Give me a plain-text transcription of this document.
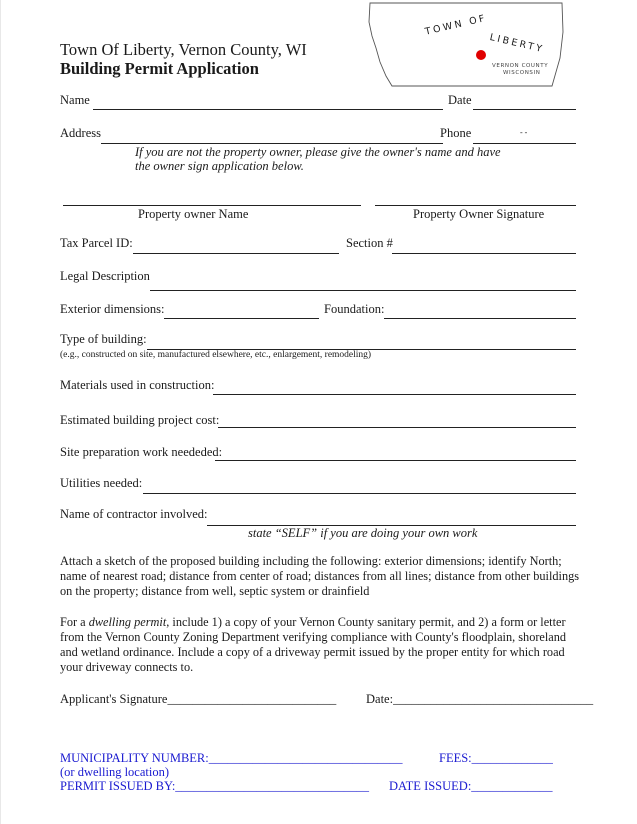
Town Of Liberty, Vernon County, WI
Building Permit Application
TOWN OF
LIBERTY
VERNON COUNTY
WISCONSIN
Name	Date
Address	Phone	- -
If you are not the property owner, please give the owner's name and have
the owner sign application below.
Property owner Name	Property Owner Signature
Tax Parcel ID:	Section #
Legal Description
Exterior dimensions:	Foundation:
Type of building:
(e.g., constructed on site, manufactured elsewhere, etc., enlargement, remodeling)
Materials used in construction:
Estimated building project cost:
Site preparation work neededed:
Utilities needed:
Name of contractor involved:
state “SELF” if you are doing your own work
Attach a sketch of the proposed building including the following: exterior dimensions; identify North; name of nearest road; distance from center of road; distances from all lines; distance from other buildings on the property; distance from well, septic system or drainfield
For a dwelling permit, include 1) a copy of your Vernon County sanitary permit, and 2) a form or letter from the Vernon County Zoning Department verifying compliance with County's floodplain, shoreland and wetland ordinance. Include a copy of a driveway permit issued by the proper entity for which road your driveway connects to.
Applicant's Signature___________________________ Date:________________________________
MUNICIPALITY NUMBER:_______________________________	FEES:_____________
(or dwelling location)
PERMIT ISSUED BY:_______________________________ DATE ISSUED:_____________
